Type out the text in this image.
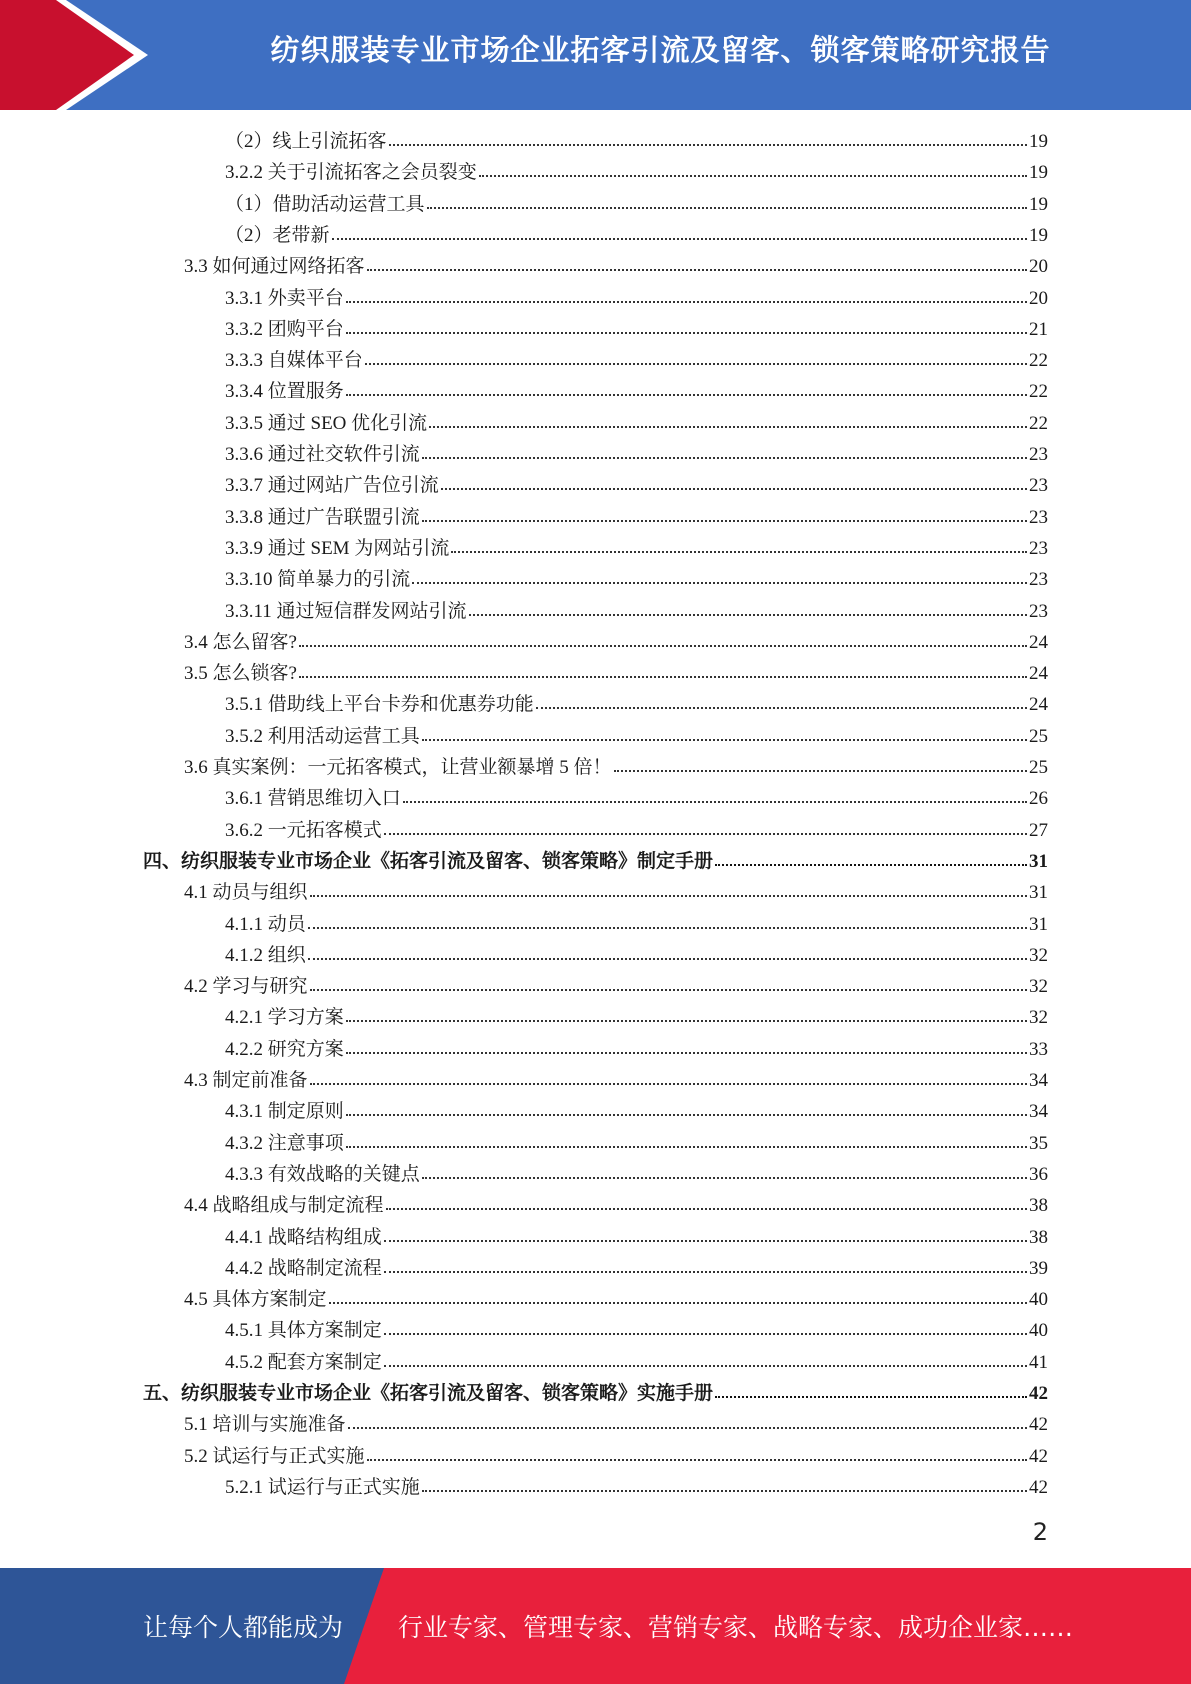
纺织服装专业市场企业拓客引流及留客、锁客策略研究报告
（2）线上引流拓客	19
3.2.2 关于引流拓客之会员裂变	19
（1）借助活动运营工具	19
（2）老带新	19
3.3 如何通过网络拓客	20
3.3.1 外卖平台	20
3.3.2 团购平台	21
3.3.3 自媒体平台	22
3.3.4 位置服务	22
3.3.5 通过 SEO 优化引流	22
3.3.6 通过社交软件引流	23
3.3.7 通过网站广告位引流	23
3.3.8 通过广告联盟引流	23
3.3.9 通过 SEM 为网站引流	23
3.3.10 简单暴力的引流	23
3.3.11 通过短信群发网站引流	23
3.4 怎么留客?	24
3.5 怎么锁客?	24
3.5.1 借助线上平台卡券和优惠券功能	24
3.5.2 利用活动运营工具	25
3.6 真实案例：一元拓客模式，让营业额暴增 5 倍！	25
3.6.1 营销思维切入口	26
3.6.2 一元拓客模式	27
四、纺织服装专业市场企业《拓客引流及留客、锁客策略》制定手册	31
4.1 动员与组织	31
4.1.1 动员	31
4.1.2 组织	32
4.2 学习与研究	32
4.2.1 学习方案	32
4.2.2 研究方案	33
4.3 制定前准备	34
4.3.1 制定原则	34
4.3.2 注意事项	35
4.3.3 有效战略的关键点	36
4.4 战略组成与制定流程	38
4.4.1 战略结构组成	38
4.4.2 战略制定流程	39
4.5 具体方案制定	40
4.5.1 具体方案制定	40
4.5.2 配套方案制定	41
五、纺织服装专业市场企业《拓客引流及留客、锁客策略》实施手册	42
5.1 培训与实施准备	42
5.2 试运行与正式实施	42
5.2.1 试运行与正式实施	42
2
让每个人都能成为 行业专家、管理专家、营销专家、战略专家、成功企业家……
